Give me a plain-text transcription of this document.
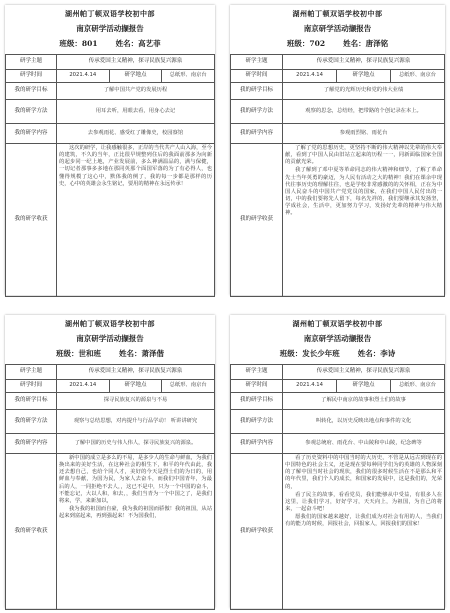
湖州帕丁顿双语学校初中部
南京研学活动撷报告
班级：801 姓名：高艺菲
研学主题	传承爱国主义精神，探寻民族复兴源泉		
研学时间	2021.4.14	研学地点	总纸形、南京台
我的研学目标	了解中国共产党的发展历程		
我的研学方法	用耳去听，用眼去看，用身心去记		
我的研学内容	去参观雨花、感受红了雕像史，校园寮馆		
我的研学收获	这次的研学，让我感触很多，正岸的当代共产人山入海，至今的建筑，不久的当年，正比很早规整列住后的我面前那多为向新的起步同一纪上地，产业发展前，多么神满温品的，满与保健，一切记者那事多多地在那同英那个面国军落的为了有必得人，也懂得规模了这心中，默体我的例了，我的每一步都是那样的历史，心中的英雄会永生铭记，要用的精神在永远传承！		

湖州帕丁顿双语学校初中部
南京研学活动撷报告
班级：702 姓名：唐泽铭
研学主题	传承爱国主义精神，探寻民族复兴源泉		
研学时间	2021.4.14	研学地点	总纸形、南京台
我的研学目标	了解党的光辉历史和党的伟大业绩		
我的研学方法	观察的思念，总结经，把带路的个创记录在本上。		
我的研学内容	参观雨烈铭、雨花台		
我的研学收获	了解了党的思想历史，更坚持不断的伟大精神以先辈的伟大奉献，看到了中国人民由旧站立起来的历程一一，同新面临国家全国的贡献光荣。

我了解到了邓中夏等革命同志的伟大精神和细节，了解了革命先士当年英勇的豪迈，为人民有活动之大的精神！我们在课余中现代往事历史的理解往往，也是学校非常感激的的关怀相，正在为中国人民奋斗的中国共产党党员的国家，在我们中国人民付出的一切，中的我们要将先人留下，每名先祥的，我们要继承其发扬坚，学成社会，生活中，更加努力学习，发扬好先辈的精神与伟大精神。		

湖州帕丁顿双语学校初中部
南京研学活动撷报告
班级：世和班 姓名：萧泽偕
研学主题	传承爱国主义精神，探寻民族复兴源泉		
研学时间	2021.4.14	研学地点	总纸形、南京台
我的研学目标	探寻民族复兴的源泉与不易		
我的研学方法	观察与总结思想，对内提升与行品学动！ 听讲讲研究		
我的研学内容	了解中国的历史与伟人伟人，探寻民族复兴的源泉。		
我的研学收获	新中国的成立是多么的不易，是多少人的生命与鲜血，为我们换出来的美好生活，在这种社会的相生下，和平的年代由此，我还去想自己，也给个同人才，美好的今天是烈士们的为日的，用鲜血与奉献，为国为民，为家人去奋斗，而我们中国青年，为最后的人，一同拒绝不去人，，这已不是中，只为一个中国的奋斗，不能忘记，大以人和，和去，，我们当青为一个中国之了，是我们将来，学，来新加以，

我为我的祖国而自豪，我为我的祖国而骄傲！我的祖国，从站起来到富起来，再到强起来！不为国我们，		

湖州帕丁顿双语学校初中部
南京研学活动撷报告
班级：发长少年班 姓名：李诗
研学主题	传承爱国主义精神，探寻民族复兴源泉		
研学时间	2021.4.14	研学地点	总纸形、南京台
我的研学目标	了解民中南京的故事和烈士们的故事		
我的研学方法	叫转化，以历史反映出地点和事件的文化		
我的研学内容	参观总统府、雨花台、中山陵和中山陵，纪念碑等		
我的研学收获	看了历史资料中的中国当时的大历史，不管是从远古到现在的中国特色的社会主义，还是现在要每种同学们为的英雄的人物深刻的了解中国当时社会的现状，我们的很多时候生活在不是那么和平的年代里，我们个人的成长，和国家的发展中，这是我们的，光荣的，

看了民主的故事，看看党员，我们能够从中受益，有很多人在这里，让我们学习，好好学习，天天向上，为祖国，为自己的将来，一起奋斗吧！

愿我们的国家越来越好，让我们成为对社会有用的人，当我们有的能力的时候，回报社会，回报家人，回报我们的国家！		
